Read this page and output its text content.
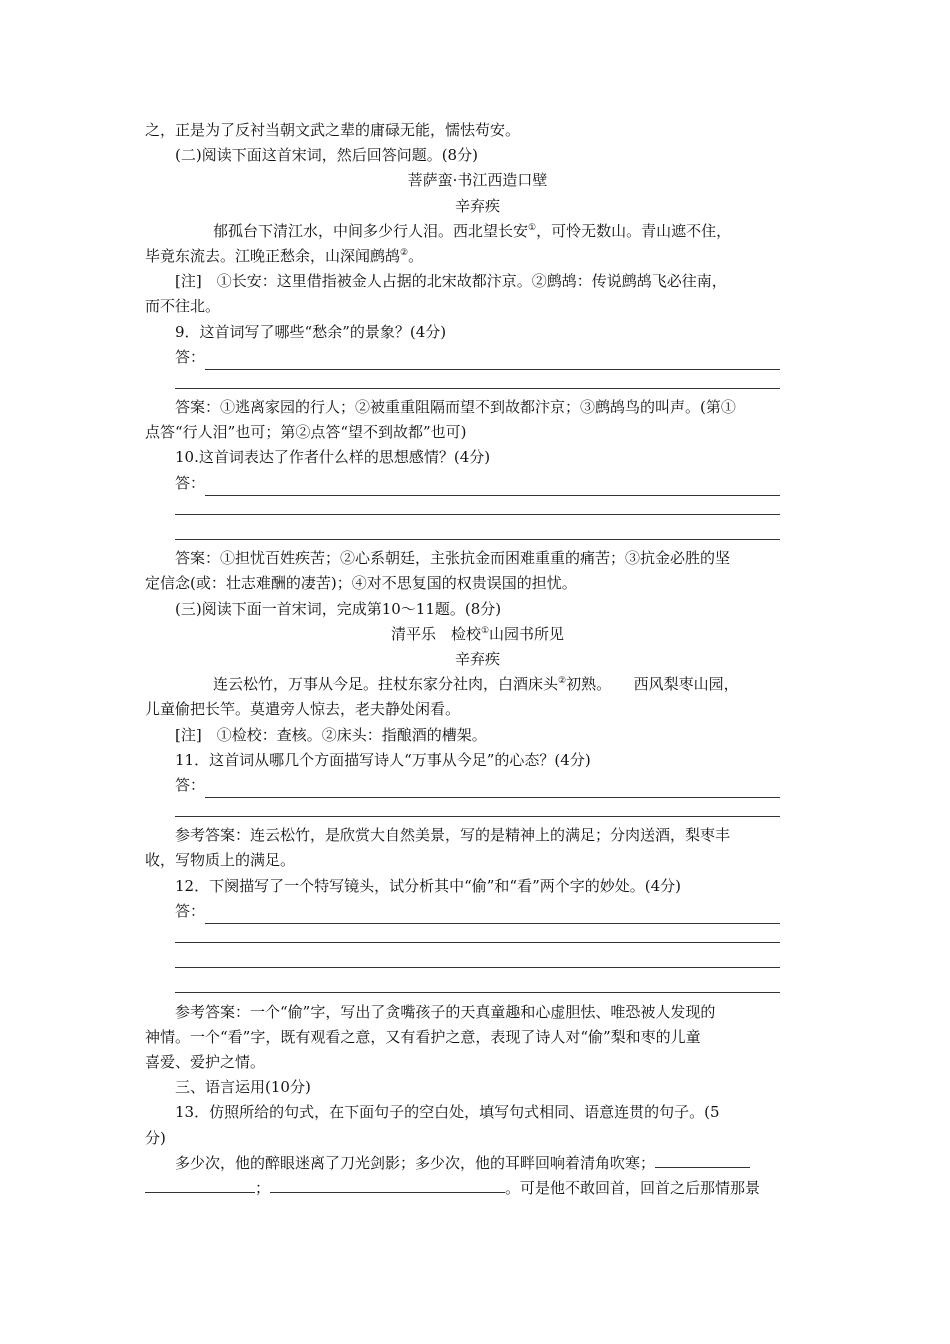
之，正是为了反衬当朝文武之辈的庸碌无能，懦怯苟安。
(二)阅读下面这首宋词，然后回答问题。(8分)
菩萨蛮·书江西造口壁
辛弃疾
郁孤台下清江水，中间多少行人泪。西北望长安①，可怜无数山。青山遮不住，
毕竟东流去。江晚正愁余，山深闻鹧鸪②。
[注]　①长安：这里借指被金人占据的北宋故都汴京。②鹧鸪：传说鹧鸪飞必往南，
而不往北。
9．这首词写了哪些“愁余”的景象？(4分)
答：
答案：①逃离家园的行人；②被重重阻隔而望不到故都汴京；③鹧鸪鸟的叫声。(第①
点答“行人泪”也可；第②点答“望不到故都”也可)
10.这首词表达了作者什么样的思想感情？(4分)
答：
答案：①担忧百姓疾苦；②心系朝廷，主张抗金而困难重重的痛苦；③抗金必胜的坚
定信念(或：壮志难酬的凄苦)；④对不思复国的权贵误国的担忧。
(三)阅读下面一首宋词，完成第10～11题。(8分)
清平乐　检校①山园书所见
辛弃疾
连云松竹，万事从今足。拄杖东家分社肉，白酒床头②初熟。　　西风梨枣山园，
儿童偷把长竿。莫遣旁人惊去，老夫静处闲看。
[注]　①检校：查核。②床头：指酿酒的槽架。
11．这首词从哪几个方面描写诗人“万事从今足”的心态？(4分)
答：
参考答案：连云松竹，是欣赏大自然美景，写的是精神上的满足；分肉送酒，梨枣丰
收，写物质上的满足。
12．下阕描写了一个特写镜头，试分析其中“偷”和“看”两个字的妙处。(4分)
答：
参考答案：一个“偷”字，写出了贪嘴孩子的天真童趣和心虚胆怯、唯恐被人发现的
神情。一个“看”字，既有观看之意，又有看护之意，表现了诗人对“偷”梨和枣的儿童
喜爱、爱护之情。
三、语言运用(10分)
13．仿照所给的句式，在下面句子的空白处，填写句式相同、语意连贯的句子。(5
分)
多少次，他的醉眼迷离了刀光剑影；多少次，他的耳畔回响着清角吹寒；
；	。可是他不敢回首，回首之后那情那景
